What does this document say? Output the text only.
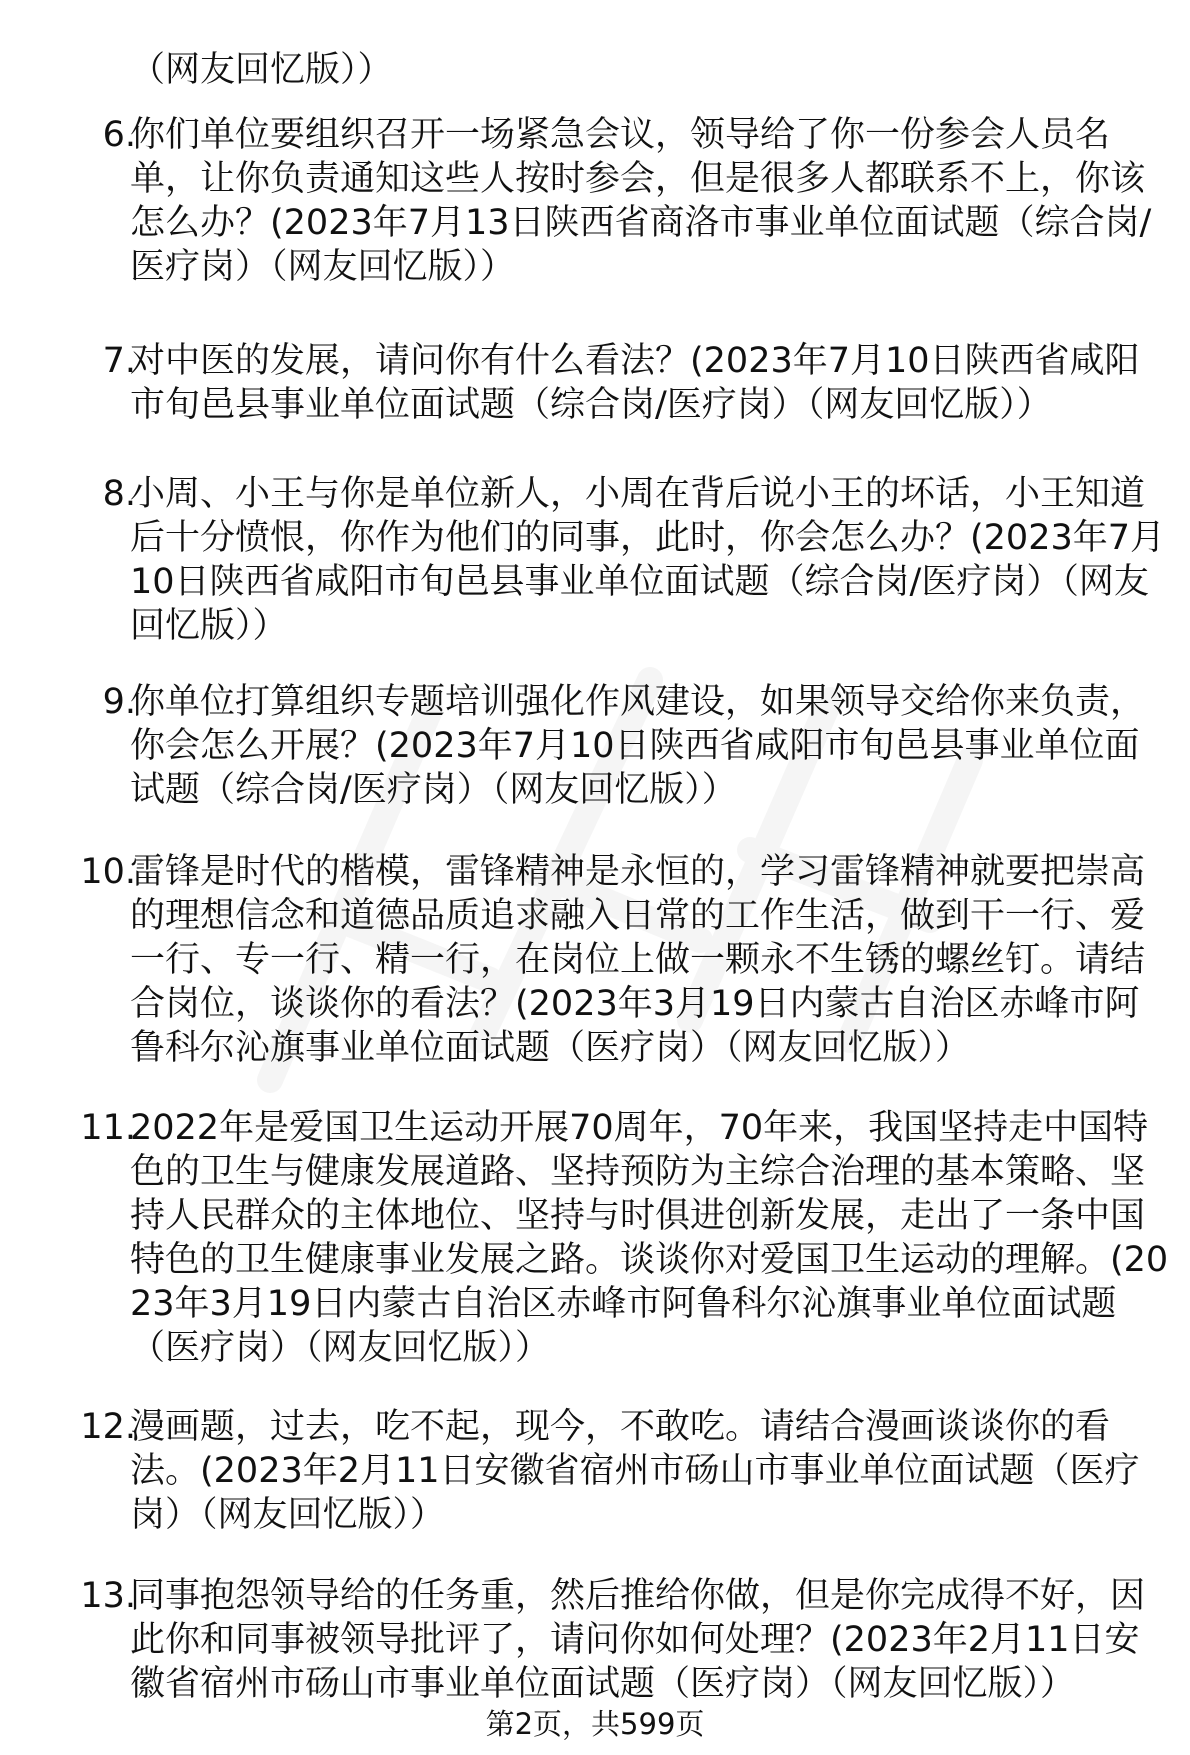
（网友回忆版））
6.
你们单位要组织召开一场紧急会议，领导给了你一份参会人员名单，让你负责通知这些人按时参会，但是很多人都联系不上，你该怎么办？(2023年7月13日陕西省商洛市事业单位面试题（综合岗/医疗岗）（网友回忆版））
7.
对中医的发展，请问你有什么看法？(2023年7月10日陕西省咸阳市旬邑县事业单位面试题（综合岗/医疗岗）（网友回忆版））
8.
小周、小王与你是单位新人，小周在背后说小王的坏话，小王知道后十分愤恨，你作为他们的同事，此时，你会怎么办？(2023年7月10日陕西省咸阳市旬邑县事业单位面试题（综合岗/医疗岗）（网友回忆版））
9.
你单位打算组织专题培训强化作风建设，如果领导交给你来负责，你会怎么开展？(2023年7月10日陕西省咸阳市旬邑县事业单位面试题（综合岗/医疗岗）（网友回忆版））
10.
雷锋是时代的楷模，雷锋精神是永恒的，学习雷锋精神就要把崇高的理想信念和道德品质追求融入日常的工作生活，做到干一行、爱一行、专一行、精一行，在岗位上做一颗永不生锈的螺丝钉。请结合岗位，谈谈你的看法？(2023年3月19日内蒙古自治区赤峰市阿鲁科尔沁旗事业单位面试题（医疗岗）（网友回忆版））
11.
2022年是爱国卫生运动开展70周年，70年来，我国坚持走中国特色的卫生与健康发展道路、坚持预防为主综合治理的基本策略、坚持人民群众的主体地位、坚持与时俱进创新发展，走出了一条中国特色的卫生健康事业发展之路。谈谈你对爱国卫生运动的理解。(2023年3月19日内蒙古自治区赤峰市阿鲁科尔沁旗事业单位面试题（医疗岗）（网友回忆版））
12.
漫画题，过去，吃不起，现今，不敢吃。请结合漫画谈谈你的看法。(2023年2月11日安徽省宿州市砀山市事业单位面试题（医疗岗）（网友回忆版））
13.
同事抱怨领导给的任务重，然后推给你做，但是你完成得不好，因此你和同事被领导批评了，请问你如何处理？(2023年2月11日安徽省宿州市砀山市事业单位面试题（医疗岗）（网友回忆版））
第2页，共599页
